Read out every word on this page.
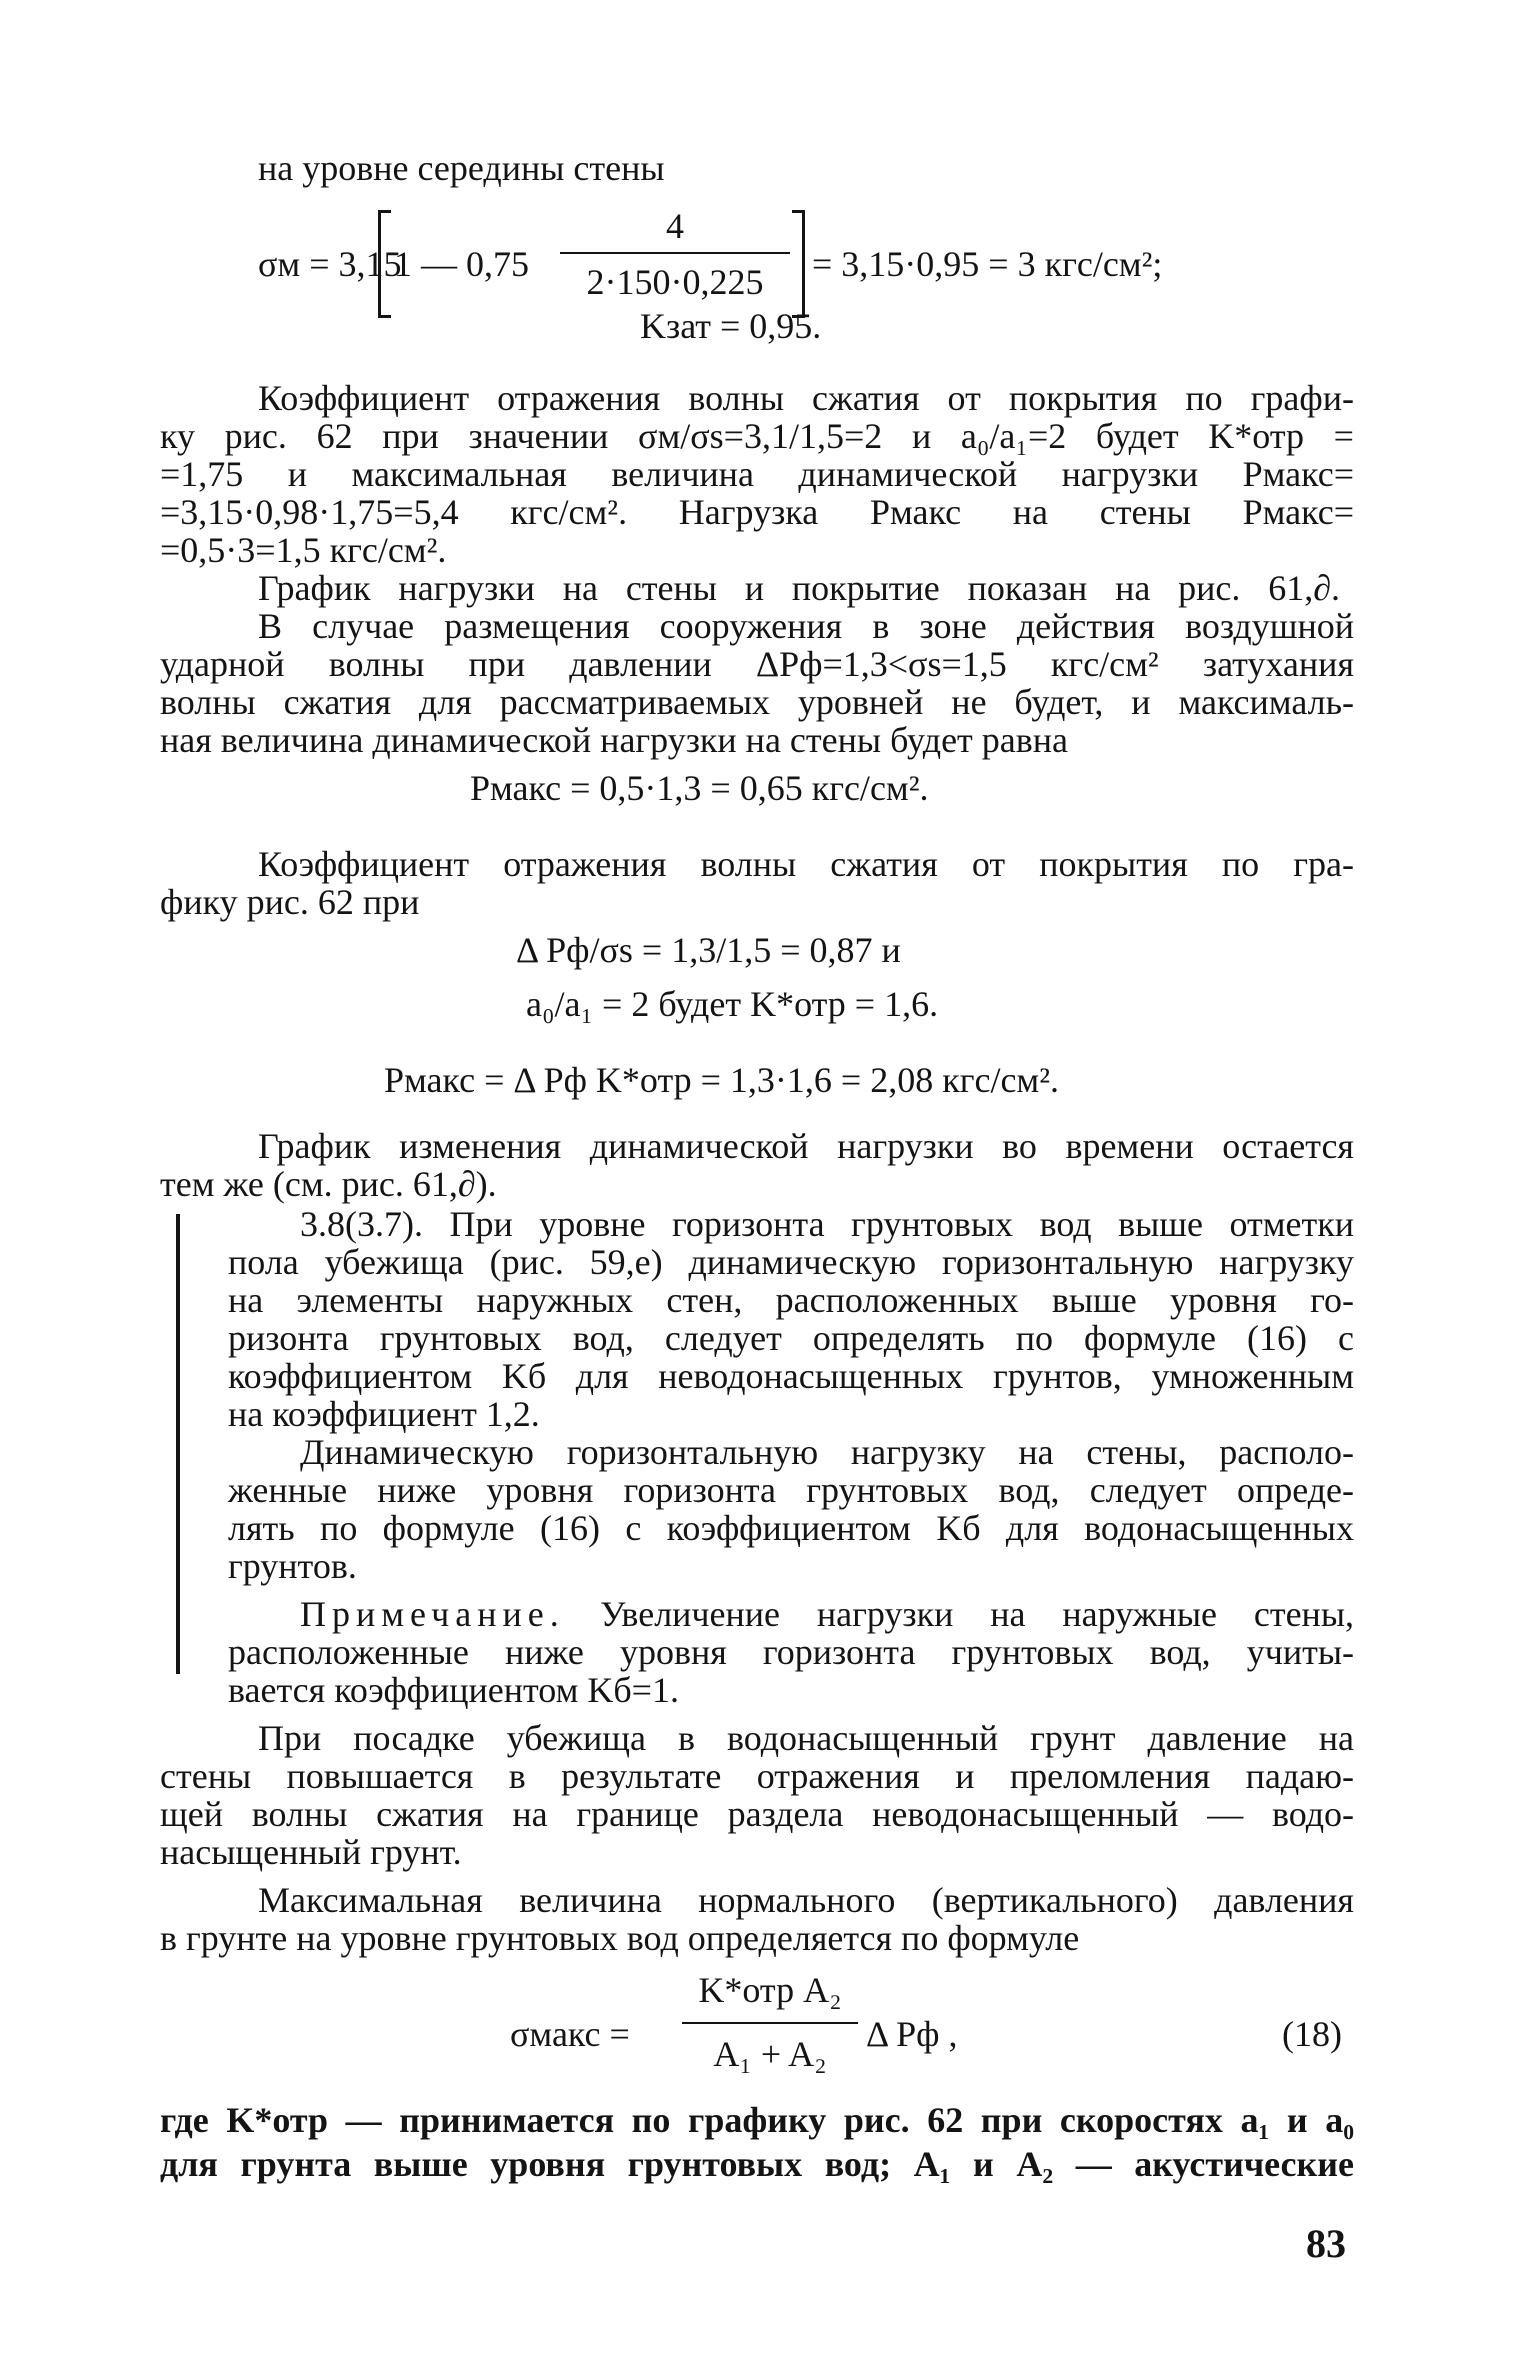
на уровне середины стены
σм = 3,15
1 — 0,75
4
2·150·0,225	= 3,15·0,95 = 3 кгс/см²;
Kзат = 0,95.
Коэффициент отражения волны сжатия от покрытия по графи-
ку рис. 62 при значении σм/σs=3,1/1,5=2 и a₀/a₁=2 будет K*отр =
=1,75 и максимальная величина динамической нагрузки Pмакс=
=3,15·0,98·1,75=5,4 кгс/см². Нагрузка Pмакс на стены Pмакс=
=0,5·3=1,5 кгс/см².
График нагрузки на стены и покрытие показан на рис. 61,∂.
В случае размещения сооружения в зоне действия воздушной
ударной волны при давлении ΔPф=1,3<σs=1,5 кгс/см² затухания
волны сжатия для рассматриваемых уровней не будет, и максималь-
ная величина динамической нагрузки на стены будет равна
Pмакс = 0,5·1,3 = 0,65 кгс/см².
Коэффициент отражения волны сжатия от покрытия по гра-
фику рис. 62 при
Δ Pф/σs = 1,3/1,5 = 0,87 и
a₀/a₁ = 2 будет K*отр = 1,6.
Pмакс = Δ Pф K*отр = 1,3·1,6 = 2,08 кгс/см².
График изменения динамической нагрузки во времени остается
тем же (см. рис. 61,∂).
3.8(3.7). При уровне горизонта грунтовых вод выше отметки
пола убежища (рис. 59,е) динамическую горизонтальную нагрузку
на элементы наружных стен, расположенных выше уровня го-
ризонта грунтовых вод, следует определять по формуле (16) с
коэффициентом Kб для неводонасыщенных грунтов, умноженным
на коэффициент 1,2.
Динамическую горизонтальную нагрузку на стены, располо-
женные ниже уровня горизонта грунтовых вод, следует опреде-
лять по формуле (16) с коэффициентом Kб для водонасыщенных
грунтов.
Примечание. Увеличение нагрузки на наружные стены,
расположенные ниже уровня горизонта грунтовых вод, учиты-
вается коэффициентом Kб=1.
При посадке убежища в водонасыщенный грунт давление на
стены повышается в результате отражения и преломления падаю-
щей волны сжатия на границе раздела неводонасыщенный — водо-
насыщенный грунт.
Максимальная величина нормального (вертикального) давления
в грунте на уровне грунтовых вод определяется по формуле
σмакс =
K*отр A₂
A₁ + A₂	Δ Pф ,	(18)
где K*отр — принимается по графику рис. 62 при скоростях a₁ и a₀
для грунта выше уровня грунтовых вод; A₁ и A₂ — акустические
83
